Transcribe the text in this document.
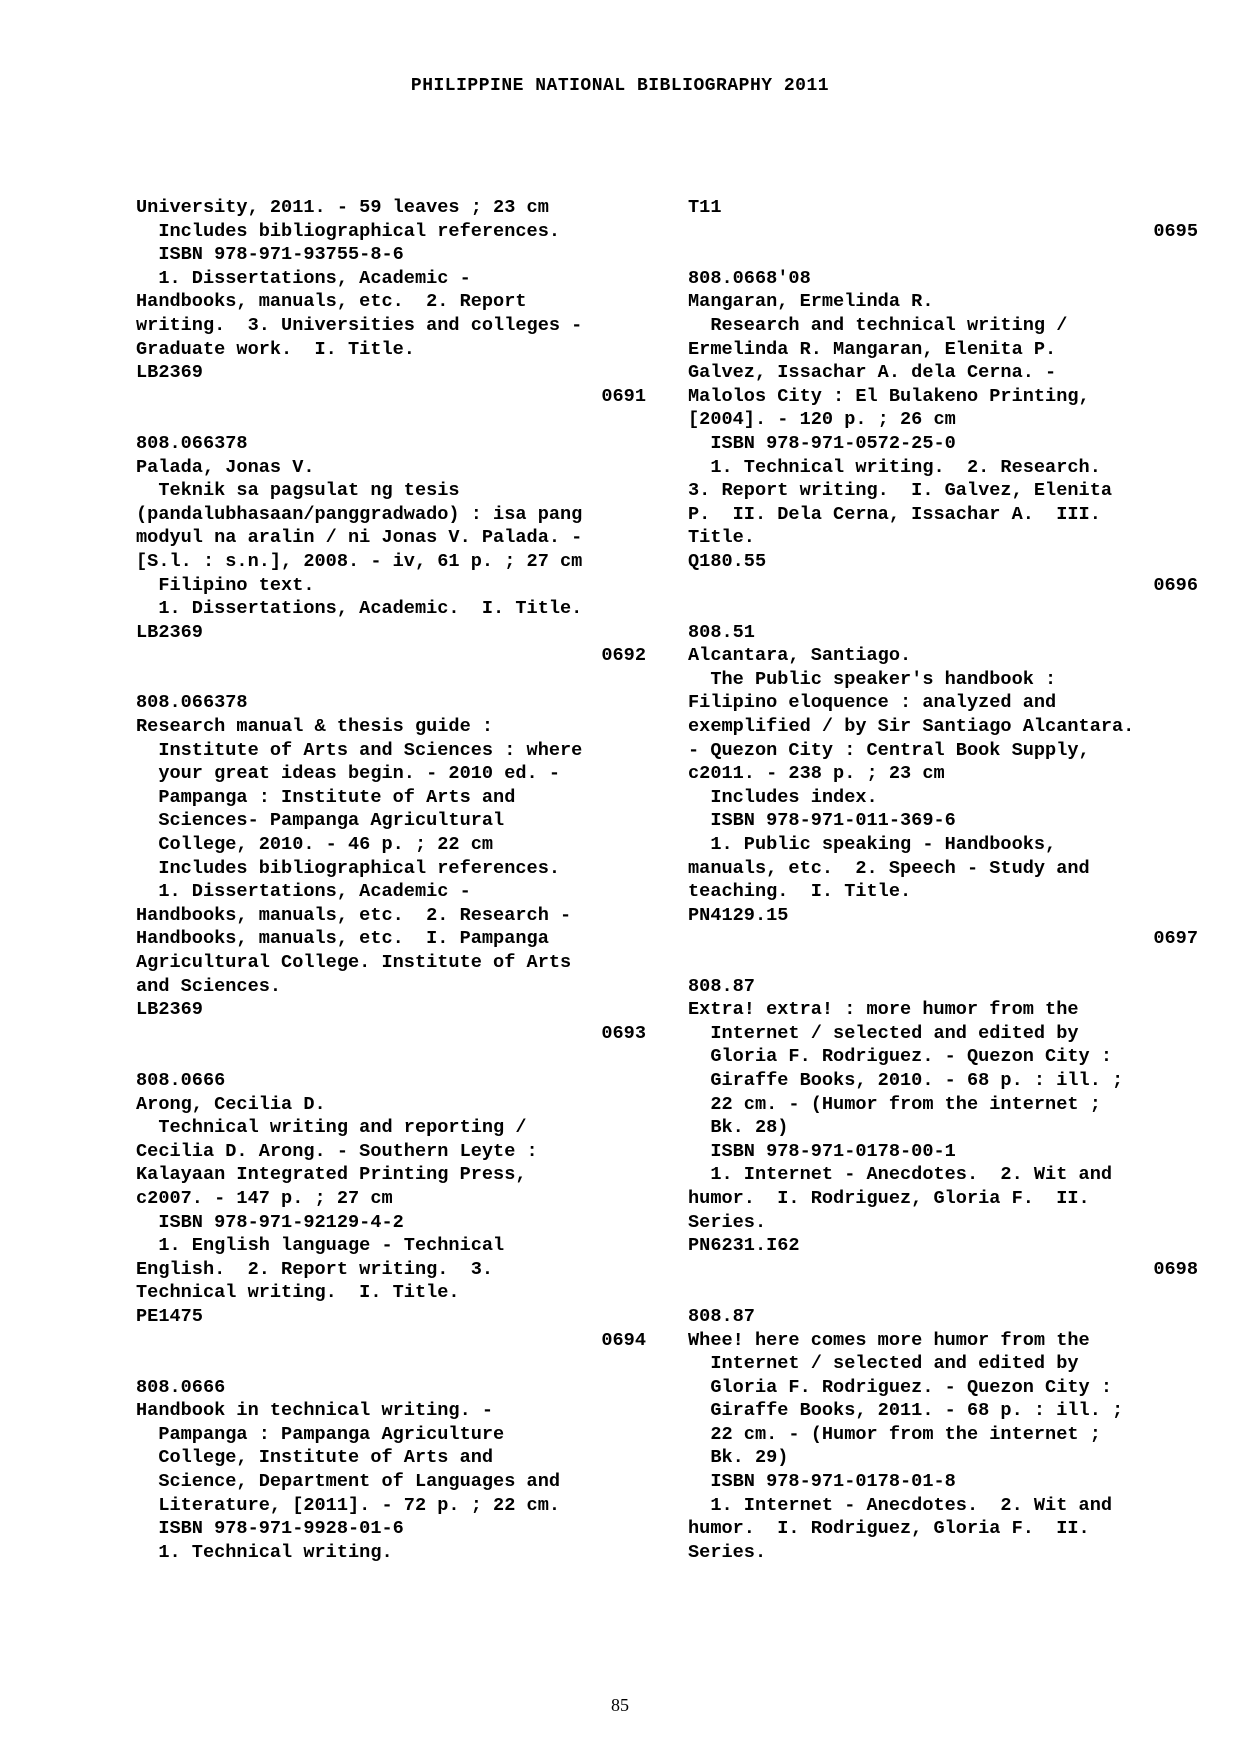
PHILIPPINE NATIONAL BIBLIOGRAPHY 2011
University, 2011. - 59 leaves ; 23 cm
Includes bibliographical references.
ISBN 978-971-93755-8-6
1. Dissertations, Academic -
Handbooks, manuals, etc.  2. Report
writing.  3. Universities and colleges -
Graduate work.  I. Title.
LB2369
0691
808.066378
Palada, Jonas V.
Teknik sa pagsulat ng tesis
(pandalubhasaan/panggradwado) : isa pang
modyul na aralin / ni Jonas V. Palada. -
[S.l. : s.n.], 2008. - iv, 61 p. ; 27 cm
Filipino text.
1. Dissertations, Academic.  I. Title.
LB2369
0692
808.066378
Research manual & thesis guide :
Institute of Arts and Sciences : where
your great ideas begin. - 2010 ed. -
Pampanga : Institute of Arts and
Sciences- Pampanga Agricultural
College, 2010. - 46 p. ; 22 cm
Includes bibliographical references.
1. Dissertations, Academic -
Handbooks, manuals, etc.  2. Research -
Handbooks, manuals, etc.  I. Pampanga
Agricultural College. Institute of Arts
and Sciences.
LB2369
0693
808.0666
Arong, Cecilia D.
Technical writing and reporting /
Cecilia D. Arong. - Southern Leyte :
Kalayaan Integrated Printing Press,
c2007. - 147 p. ; 27 cm
ISBN 978-971-92129-4-2
1. English language - Technical
English.  2. Report writing.  3.
Technical writing.  I. Title.
PE1475
0694
808.0666
Handbook in technical writing. -
Pampanga : Pampanga Agriculture
College, Institute of Arts and
Science, Department of Languages and
Literature, [2011]. - 72 p. ; 22 cm.
ISBN 978-971-9928-01-6
1. Technical writing.
T11
0695
808.0668'08
Mangaran, Ermelinda R.
Research and technical writing /
Ermelinda R. Mangaran, Elenita P.
Galvez, Issachar A. dela Cerna. -
Malolos City : El Bulakeno Printing,
[2004]. - 120 p. ; 26 cm
ISBN 978-971-0572-25-0
1. Technical writing.  2. Research.
3. Report writing.  I. Galvez, Elenita
P.  II. Dela Cerna, Issachar A.  III.
Title.
Q180.55
0696
808.51
Alcantara, Santiago.
The Public speaker's handbook :
Filipino eloquence : analyzed and
exemplified / by Sir Santiago Alcantara.
- Quezon City : Central Book Supply,
c2011. - 238 p. ; 23 cm
Includes index.
ISBN 978-971-011-369-6
1. Public speaking - Handbooks,
manuals, etc.  2. Speech - Study and
teaching.  I. Title.
PN4129.15
0697
808.87
Extra! extra! : more humor from the
Internet / selected and edited by
Gloria F. Rodriguez. - Quezon City :
Giraffe Books, 2010. - 68 p. : ill. ;
22 cm. - (Humor from the internet ;
Bk. 28)
ISBN 978-971-0178-00-1
1. Internet - Anecdotes.  2. Wit and
humor.  I. Rodriguez, Gloria F.  II.
Series.
PN6231.I62
0698
808.87
Whee! here comes more humor from the
Internet / selected and edited by
Gloria F. Rodriguez. - Quezon City :
Giraffe Books, 2011. - 68 p. : ill. ;
22 cm. - (Humor from the internet ;
Bk. 29)
ISBN 978-971-0178-01-8
1. Internet - Anecdotes.  2. Wit and
humor.  I. Rodriguez, Gloria F.  II.
Series.
85
